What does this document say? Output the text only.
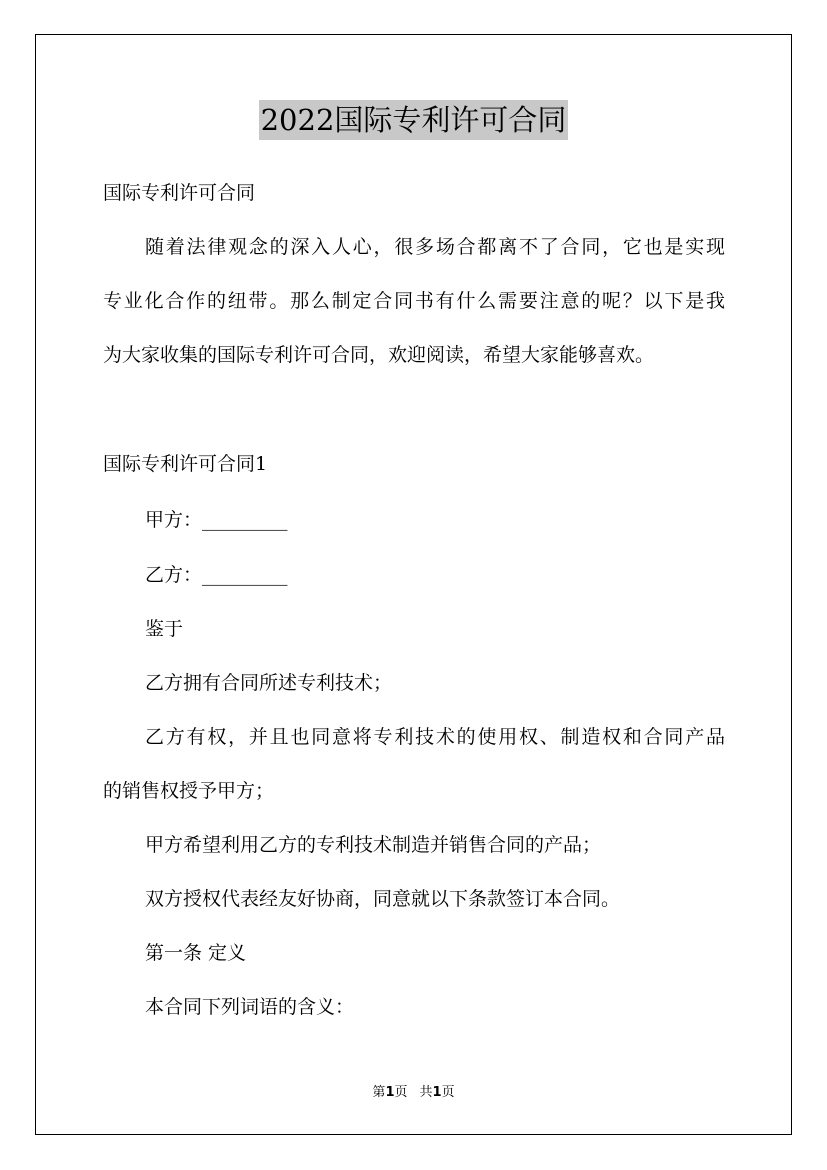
2022国际专利许可合同
国际专利许可合同
随着法律观念的深入人心，很多场合都离不了合同，它也是实现
专业化合作的纽带。那么制定合同书有什么需要注意的呢？以下是我
为大家收集的国际专利许可合同，欢迎阅读，希望大家能够喜欢。
国际专利许可合同1
甲方：_________
乙方：_________
鉴于
乙方拥有合同所述专利技术；
乙方有权，并且也同意将专利技术的使用权、制造权和合同产品
的销售权授予甲方；
甲方希望利用乙方的专利技术制造并销售合同的产品；
双方授权代表经友好协商，同意就以下条款签订本合同。
第一条 定义
本合同下列词语的含义：
第1页 共1页
